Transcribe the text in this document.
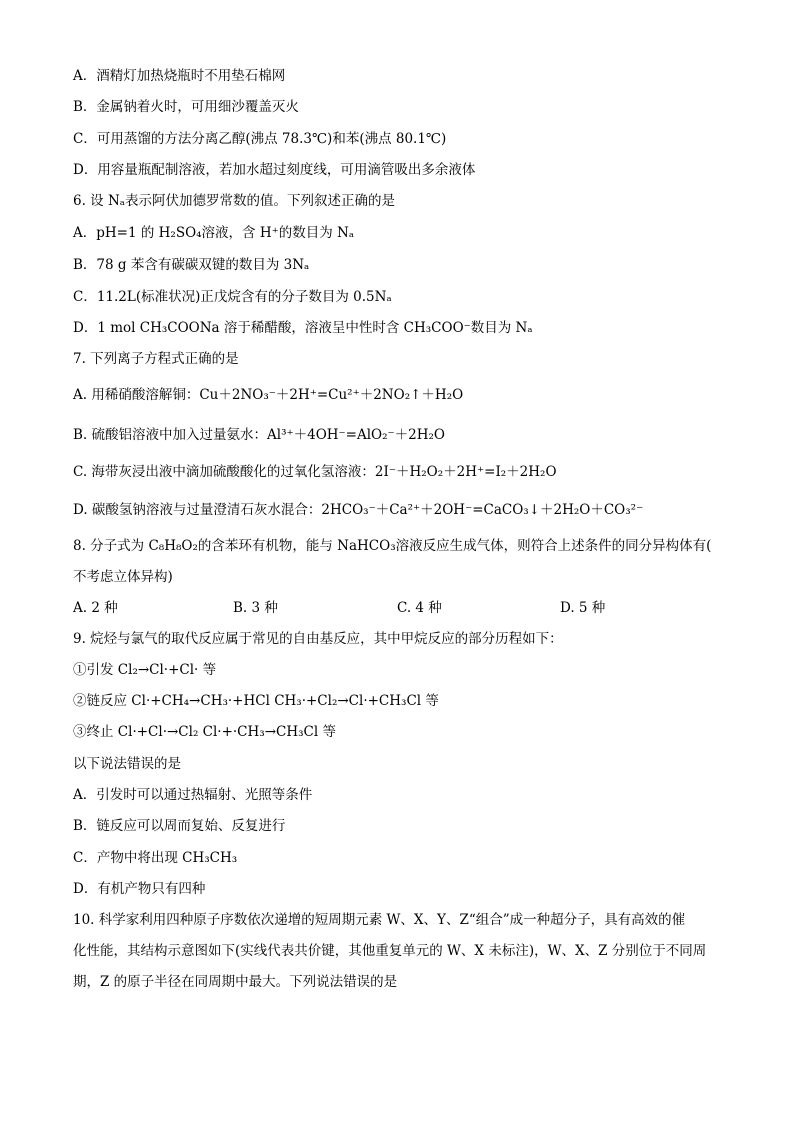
A．酒精灯加热烧瓶时不用垫石棉网
B．金属钠着火时，可用细沙覆盖灭火
C．可用蒸馏的方法分离乙醇(沸点 78.3℃)和苯(沸点 80.1℃)
D．用容量瓶配制溶液，若加水超过刻度线，可用滴管吸出多余液体
6. 设 Nₐ表示阿伏加德罗常数的值。下列叙述正确的是
A．pH=1 的 H₂SO₄溶液，含 H⁺的数目为 Nₐ
B．78 g 苯含有碳碳双键的数目为 3Nₐ
C．11.2L(标准状况)正戊烷含有的分子数目为 0.5Nₐ
D．1 mol CH₃COONa 溶于稀醋酸，溶液呈中性时含 CH₃COO⁻数目为 Nₐ
7. 下列离子方程式正确的是
A. 用稀硝酸溶解铜：Cu＋2NO₃⁻＋2H⁺=Cu²⁺＋2NO₂↑＋H₂O
B. 硫酸铝溶液中加入过量氨水：Al³⁺＋4OH⁻=AlO₂⁻＋2H₂O
C. 海带灰浸出液中滴加硫酸酸化的过氧化氢溶液：2I⁻＋H₂O₂＋2H⁺=I₂＋2H₂O
D. 碳酸氢钠溶液与过量澄清石灰水混合：2HCO₃⁻＋Ca²⁺＋2OH⁻=CaCO₃↓＋2H₂O＋CO₃²⁻
8. 分子式为 C₈H₈O₂的含苯环有机物，能与 NaHCO₃溶液反应生成气体，则符合上述条件的同分异构体有(
不考虑立体异构)
A. 2 种	B. 3 种	C. 4 种	D. 5 种
9. 烷烃与氯气的取代反应属于常见的自由基反应，其中甲烷反应的部分历程如下：
①引发 Cl₂→Cl·+Cl· 等
②链反应 Cl·+CH₄→CH₃·+HCl CH₃·+Cl₂→Cl·+CH₃Cl 等
③终止 Cl·+Cl·→Cl₂ Cl·+·CH₃→CH₃Cl 等
以下说法错误的是
A．引发时可以通过热辐射、光照等条件
B．链反应可以周而复始、反复进行
C．产物中将出现 CH₃CH₃
D．有机产物只有四种
10. 科学家利用四种原子序数依次递增的短周期元素 W、X、Y、Z“组合”成一种超分子，具有高效的催
化性能，其结构示意图如下(实线代表共价键，其他重复单元的 W、X 未标注)，W、X、Z 分别位于不同周
期，Z 的原子半径在同周期中最大。下列说法错误的是
